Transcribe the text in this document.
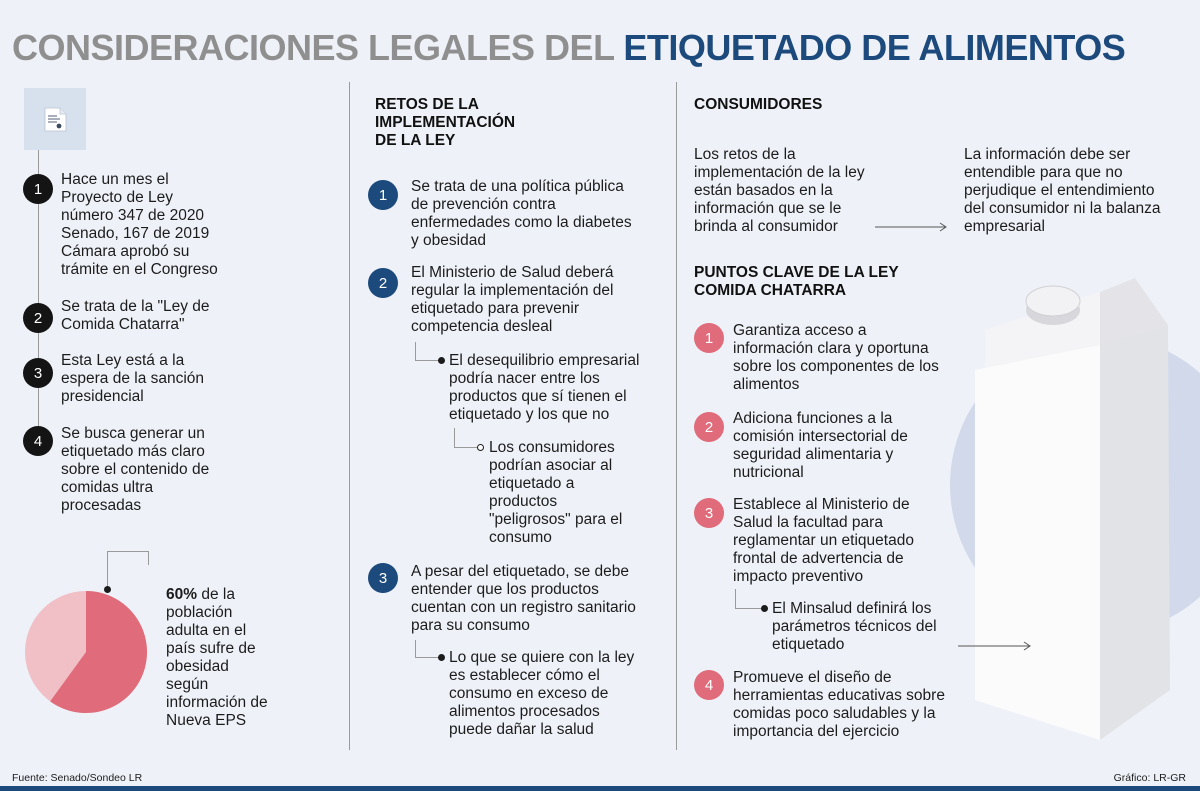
CONSIDERACIONES LEGALES DEL ETIQUETADO DE ALIMENTOS
1
Hace un mes el
Proyecto de Ley
número 347 de 2020
Senado, 167 de 2019
Cámara aprobó su
trámite en el Congreso
2
Se trata de la "Ley de
Comida Chatarra"
3
Esta Ley está a la
espera de la sanción
presidencial
4	Se busca generar un
etiquetado más claro
sobre el contenido de
comidas ultra
procesadas
60% de la
población
adulta en el
país sufre de
obesidad
según
información de
Nueva EPS
RETOS DE LA
IMPLEMENTACIÓN
DE LA LEY
1	Se trata de una política pública
de prevención contra
enfermedades como la diabetes
y obesidad
2
El Ministerio de Salud deberá
regular la implementación del
etiquetado para prevenir
competencia desleal
El desequilibrio empresarial
podría nacer entre los
productos que sí tienen el
etiquetado y los que no
Los consumidores
podrían asociar al
etiquetado a
productos
"peligrosos" para el
consumo
3	A pesar del etiquetado, se debe
entender que los productos
cuentan con un registro sanitario
para su consumo
Lo que se quiere con la ley
es establecer cómo el
consumo en exceso de
alimentos procesados
puede dañar la salud
CONSUMIDORES
Los retos de la
implementación de la ley
están basados en la
información que se le
brinda al consumidor
La información debe ser
entendible para que no
perjudique el entendimiento
del consumidor ni la balanza
empresarial
PUNTOS CLAVE DE LA LEY
COMIDA CHATARRA
1	Garantiza acceso a
información clara y oportuna
sobre los componentes de los
alimentos
2	Adiciona funciones a la
comisión intersectorial de
seguridad alimentaria y
nutricional
3	Establece al Ministerio de
Salud la facultad para
reglamentar un etiquetado
frontal de advertencia de
impacto preventivo
El Minsalud definirá los
parámetros técnicos del
etiquetado
4	Promueve el diseño de
herramientas educativas sobre
comidas poco saludables y la
importancia del ejercicio
Fuente: Senado/Sondeo LR	Gráfico: LR-GR
